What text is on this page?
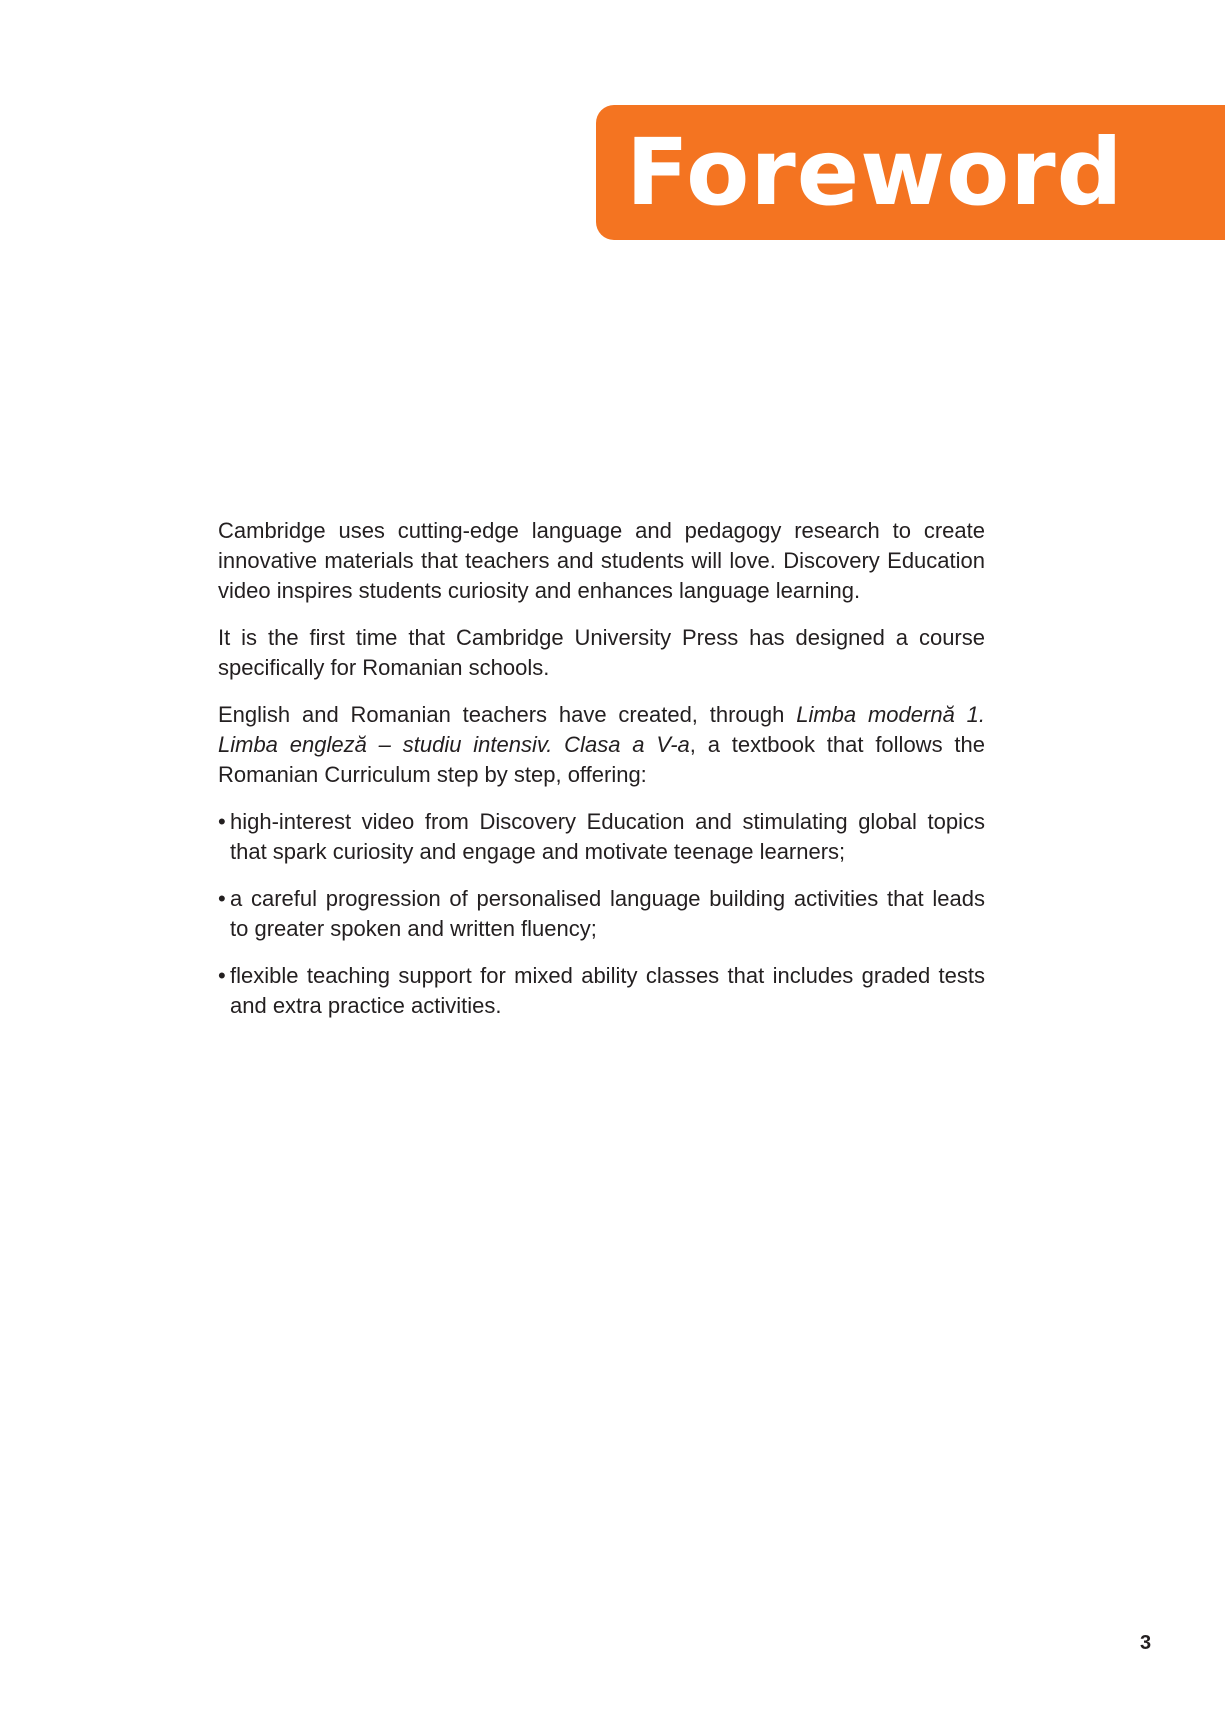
Foreword

Cambridge uses cutting-edge language and pedagogy research to create innovative materials that teachers and students will love. Discovery Education video inspires students curiosity and enhances language learning.

It is the first time that Cambridge University Press has designed a course specifically for Romanian schools.

English and Romanian teachers have created, through Limba modernă 1. Limba engleză – studiu intensiv. Clasa a V-a, a textbook that follows the Romanian Curriculum step by step, offering:

• high-interest video from Discovery Education and stimulating global topics that spark curiosity and engage and motivate teenage learners;
• a careful progression of personalised language building activities that leads to greater spoken and written fluency;
• flexible teaching support for mixed ability classes that includes graded tests and extra practice activities.
3
